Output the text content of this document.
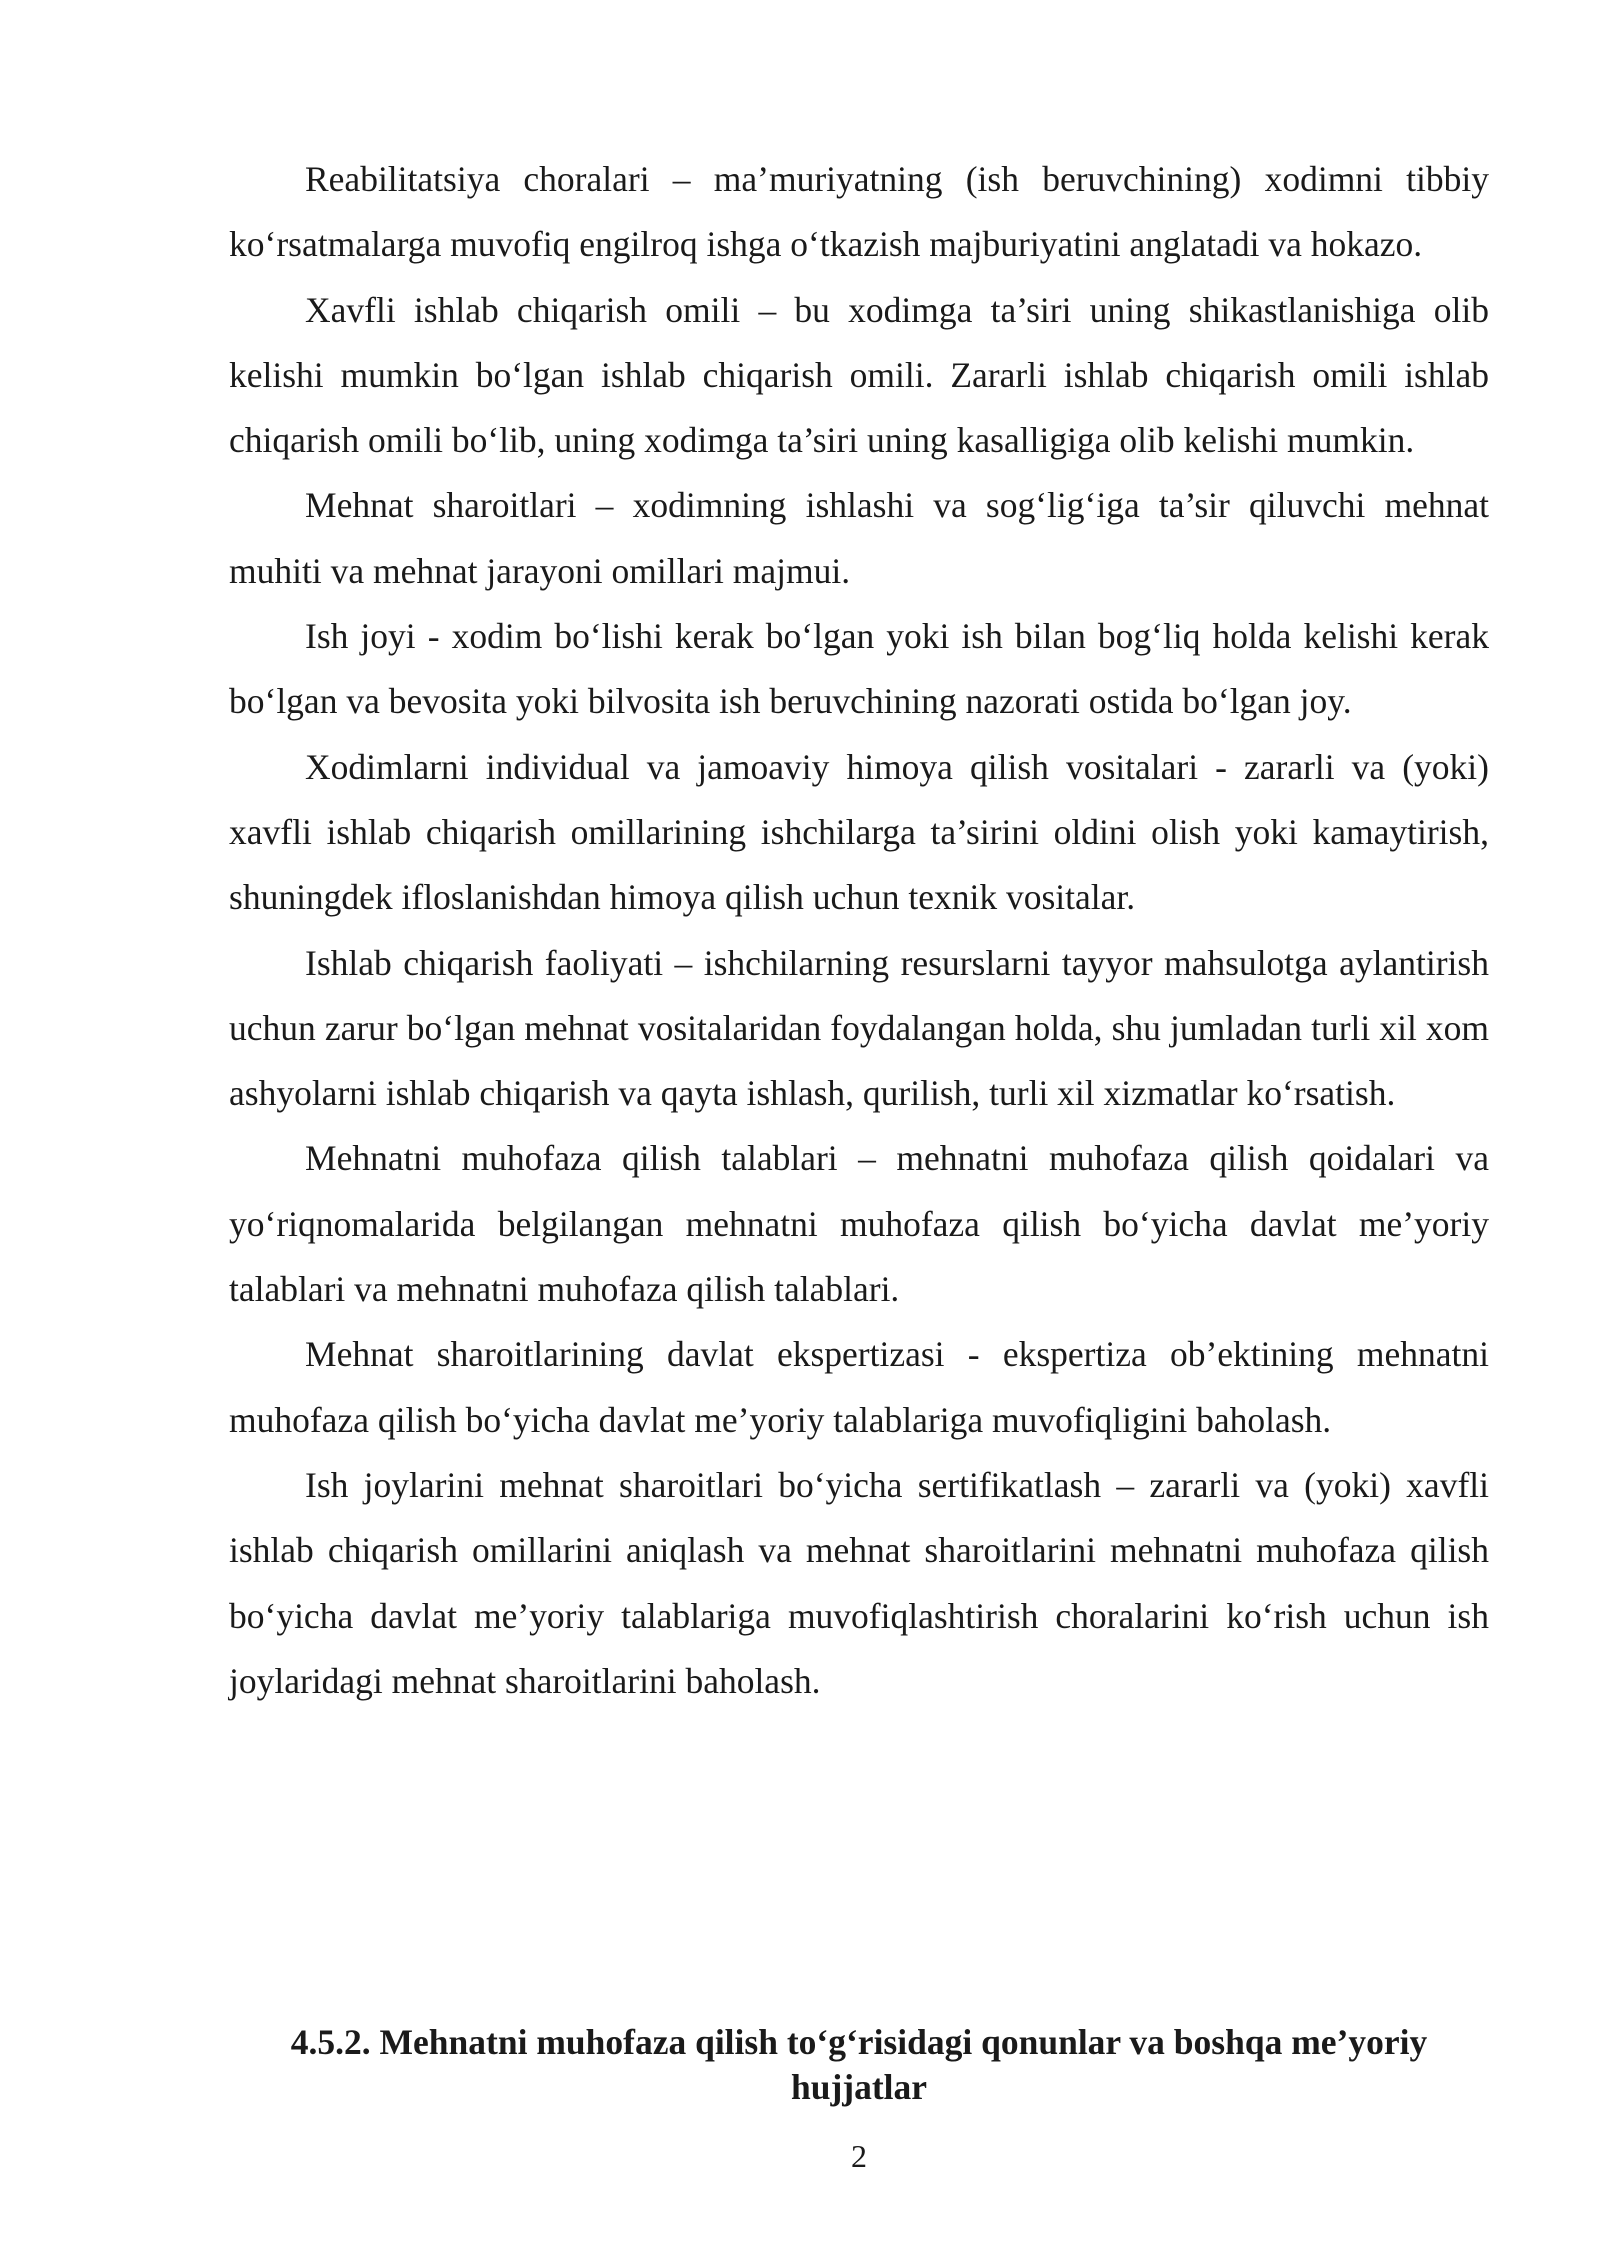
Reabilitatsiya choralari – ma’muriyatning (ish beruvchining) xodimni tibbiy ko‘rsatmalarga muvofiq engilroq ishga o‘tkazish majburiyatini anglatadi va hokazo.

Xavfli ishlab chiqarish omili – bu xodimga ta’siri uning shikastlanishiga olib kelishi mumkin bo‘lgan ishlab chiqarish omili. Zararli ishlab chiqarish omili ishlab chiqarish omili bo‘lib, uning xodimga ta’siri uning kasalligiga olib kelishi mumkin.

Mehnat sharoitlari – xodimning ishlashi va sog‘lig‘iga ta’sir qiluvchi mehnat muhiti va mehnat jarayoni omillari majmui.

Ish joyi - xodim bo‘lishi kerak bo‘lgan yoki ish bilan bog‘liq holda kelishi kerak bo‘lgan va bevosita yoki bilvosita ish beruvchining nazorati ostida bo‘lgan joy.

Xodimlarni individual va jamoaviy himoya qilish vositalari - zararli va (yoki) xavfli ishlab chiqarish omillarining ishchilarga ta’sirini oldini olish yoki kamaytirish, shuningdek ifloslanishdan himoya qilish uchun texnik vositalar.

Ishlab chiqarish faoliyati – ishchilarning resurslarni tayyor mahsulotga aylantirish uchun zarur bo‘lgan mehnat vositalaridan foydalangan holda, shu jumladan turli xil xom ashyolarni ishlab chiqarish va qayta ishlash, qurilish, turli xil xizmatlar ko‘rsatish.

Mehnatni muhofaza qilish talablari – mehnatni muhofaza qilish qoidalari va yo‘riqnomalarida belgilangan mehnatni muhofaza qilish bo‘yicha davlat me’yoriy talablari va mehnatni muhofaza qilish talablari.

Mehnat sharoitlarining davlat ekspertizasi - ekspertiza ob’ektining mehnatni muhofaza qilish bo‘yicha davlat me’yoriy talablariga muvofiqligini baholash.

Ish joylarini mehnat sharoitlari bo‘yicha sertifikatlash – zararli va (yoki) xavfli ishlab chiqarish omillarini aniqlash va mehnat sharoitlarini mehnatni muhofaza qilish bo‘yicha davlat me’yoriy talablariga muvofiqlashtirish choralarini ko‘rish uchun ish joylaridagi mehnat sharoitlarini baholash.

4.5.2. Mehnatni muhofaza qilish to‘g‘risidagi qonunlar va boshqa me’yoriy hujjatlar
2
